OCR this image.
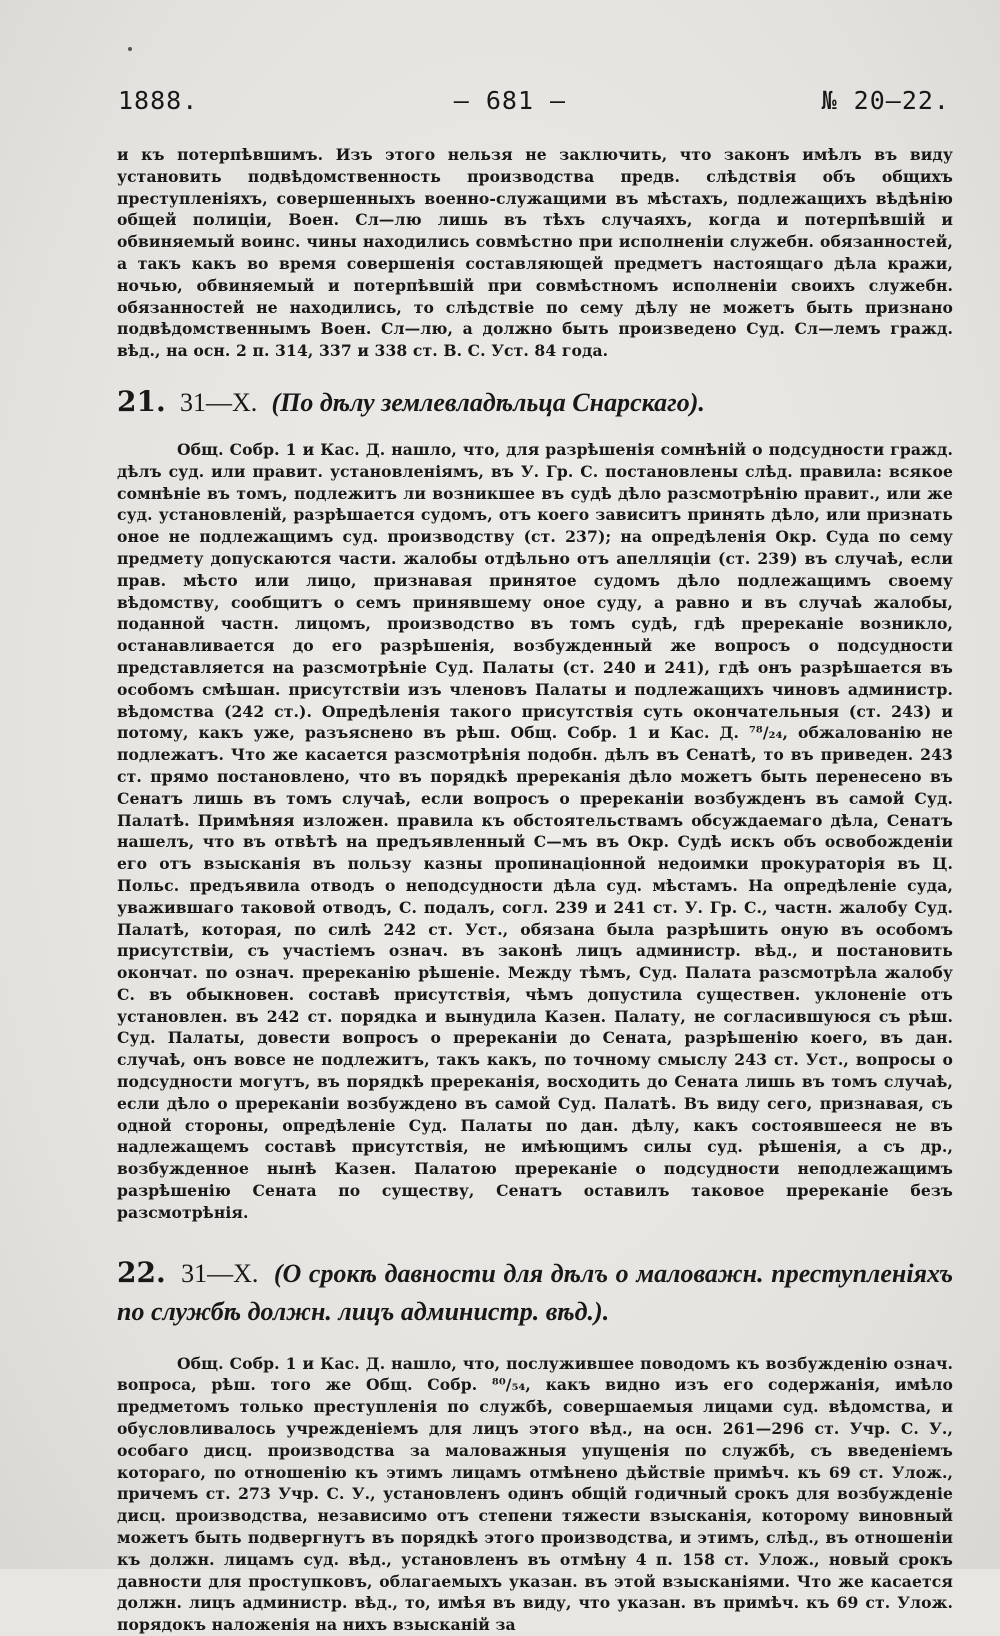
1888.	— 681 —	№ 20—22.

и къ потерпѣвшимъ. Изъ этого нельзя не заключить, что законъ имѣлъ въ виду установить подвѣдомственность производства предв. слѣдствія объ общихъ преступленіяхъ, совершенныхъ военно-служащими въ мѣстахъ, подлежащихъ вѣдѣнію общей полиціи, Воен. Сл—лю лишь въ тѣхъ случаяхъ, когда и потерпѣвшій и обвиняемый воинс. чины находились совмѣстно при исполненіи служебн. обязанностей, а такъ какъ во время совершенія составляющей предметъ настоящаго дѣла кражи, ночью, обвиняемый и потерпѣвшій при совмѣстномъ исполненіи своихъ служебн. обязанностей не находились, то слѣдствіе по сему дѣлу не можетъ быть признано подвѣдомственнымъ Воен. Сл—лю, а должно быть произведено Суд. Сл—лемъ гражд. вѣд., на осн. 2 п. 314, 337 и 338 ст. В. С. Уст. 84 года.

21. 31—X. (По дѣлу землевладѣльца Снарскаго).

Общ. Собр. 1 и Кас. Д. нашло, что, для разрѣшенія сомнѣній о подсудности гражд. дѣлъ суд. или правит. установленіямъ, въ У. Гр. С. постановлены слѣд. правила: всякое сомнѣніе въ томъ, подлежитъ ли возникшее въ судѣ дѣло разсмотрѣнію правит., или же суд. установленій, разрѣшается судомъ, отъ коего зависитъ принять дѣло, или признать оное не подлежащимъ суд. производству (ст. 237); на опредѣленія Окр. Суда по сему предмету допускаются части. жалобы отдѣльно отъ апелляціи (ст. 239) въ случаѣ, если прав. мѣсто или лицо, признавая принятое судомъ дѣло подлежащимъ своему вѣдомству, сообщитъ о семъ принявшему оное суду, а равно и въ случаѣ жалобы, поданной частн. лицомъ, производство въ томъ судѣ, гдѣ пререканіе возникло, останавливается до его разрѣшенія, возбужденный же вопросъ о подсудности представляется на разсмотрѣніе Суд. Палаты (ст. 240 и 241), гдѣ онъ разрѣшается въ особомъ смѣшан. присутствіи изъ членовъ Палаты и подлежащихъ чиновъ администр. вѣдомства (242 ст.). Опредѣленія такого присутствія суть окончательныя (ст. 243) и потому, какъ уже, разъяснено въ рѣш. Общ. Собр. 1 и Кас. Д. ⁷⁸/₂₄, обжалованію не подлежатъ. Что же касается разсмотрѣнія подобн. дѣлъ въ Сенатѣ, то въ приведен. 243 ст. прямо постановлено, что въ порядкѣ пререканія дѣло можетъ быть перенесено въ Сенатъ лишь въ томъ случаѣ, если вопросъ о пререканіи возбужденъ въ самой Суд. Палатѣ. Примѣняя изложен. правила къ обстоятельствамъ обсуждаемаго дѣла, Сенатъ нашелъ, что въ отвѣтѣ на предъявленный С—мъ въ Окр. Судѣ искъ объ освобожденіи его отъ взысканія въ пользу казны пропинаціонной недоимки прокураторія въ Ц. Польс. предъявила отводъ о неподсудности дѣла суд. мѣстамъ. На опредѣленіе суда, уважившаго таковой отводъ, С. подалъ, согл. 239 и 241 ст. У. Гр. С., частн. жалобу Суд. Палатѣ, которая, по силѣ 242 ст. Уст., обязана была разрѣшить оную въ особомъ присутствіи, съ участіемъ означ. въ законѣ лицъ администр. вѣд., и постановить окончат. по означ. пререканію рѣшеніе. Между тѣмъ, Суд. Палата разсмотрѣла жалобу С. въ обыкновен. составѣ присутствія, чѣмъ допустила существен. уклоненіе отъ установлен. въ 242 ст. порядка и вынудила Казен. Палату, не согласившуюся съ рѣш. Суд. Палаты, довести вопросъ о пререканіи до Сената, разрѣшенію коего, въ дан. случаѣ, онъ вовсе не подлежитъ, такъ какъ, по точному смыслу 243 ст. Уст., вопросы о подсудности могутъ, въ порядкѣ пререканія, восходить до Сената лишь въ томъ случаѣ, если дѣло о пререканіи возбуждено въ самой Суд. Палатѣ. Въ виду сего, признавая, съ одной стороны, опредѣленіе Суд. Палаты по дан. дѣлу, какъ состоявшееся не въ надлежащемъ составѣ присутствія, не имѣющимъ силы суд. рѣшенія, а съ др., возбужденное нынѣ Казен. Палатою пререканіе о подсудности неподлежащимъ разрѣшенію Сената по существу, Сенатъ оставилъ таковое пререканіе безъ разсмотрѣнія.

22. 31—X. (О срокѣ давности для дѣлъ о маловажн. преступленіяхъ по службѣ должн. лицъ администр. вѣд.).

Общ. Собр. 1 и Кас. Д. нашло, что, послужившее поводомъ къ возбужденію означ. вопроса, рѣш. того же Общ. Собр. ⁸⁰/₅₄, какъ видно изъ его содержанія, имѣло предметомъ только преступленія по службѣ, совершаемыя лицами суд. вѣдомства, и обусловливалось учрежденіемъ для лицъ этого вѣд., на осн. 261—296 ст. Учр. С. У., особаго дисц. производства за маловажныя упущенія по службѣ, съ введеніемъ котораго, по отношенію къ этимъ лицамъ отмѣнено дѣйствіе примѣч. къ 69 ст. Улож., причемъ ст. 273 Учр. С. У., установленъ одинъ общій годичный срокъ для возбужденіе дисц. производства, независимо отъ степени тяжести взысканія, которому виновный можетъ быть подвергнутъ въ порядкѣ этого производства, и этимъ, слѣд., въ отношеніи къ должн. лицамъ суд. вѣд., установленъ въ отмѣну 4 п. 158 ст. Улож., новый срокъ давности для проступковъ, облагаемыхъ указан. въ этой взысканіями. Что же касается должн. лицъ администр. вѣд., то, имѣя въ виду, что указан. въ примѣч. къ 69 ст. Улож. порядокъ наложенія на нихъ взысканій за
